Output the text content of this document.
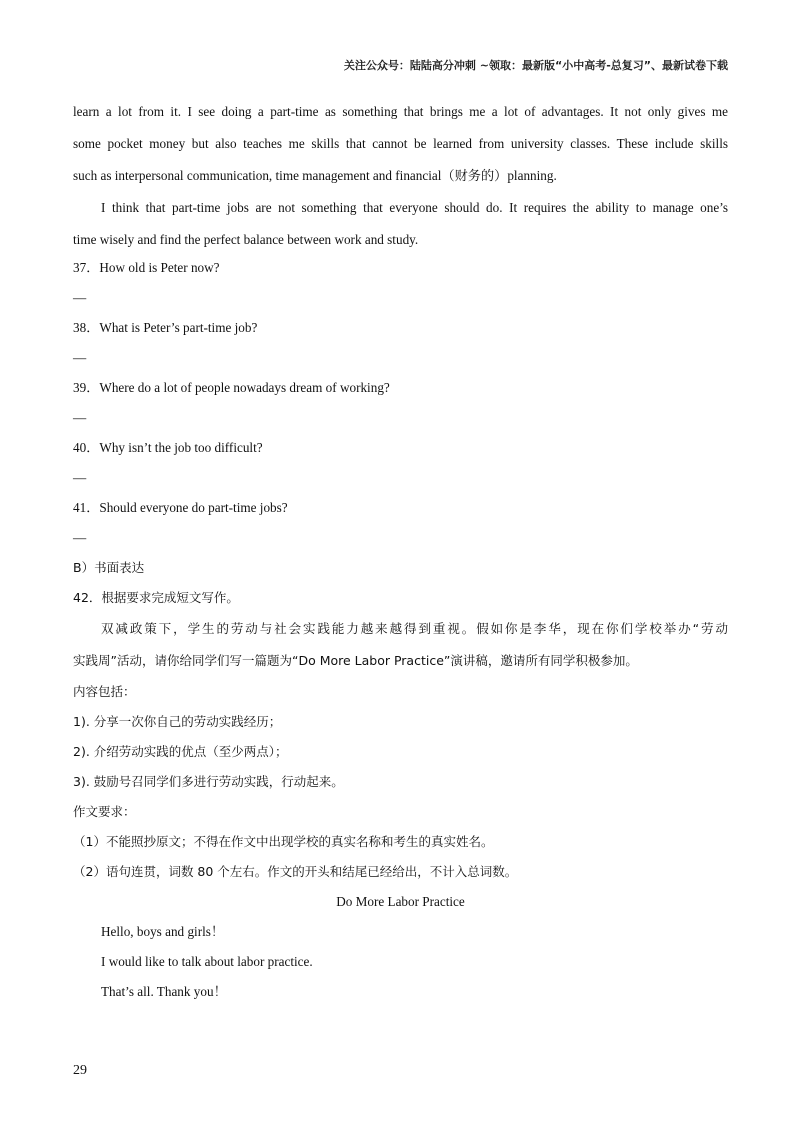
关注公众号：陆陆高分冲刺 ~领取：最新版“小中高考-总复习”、最新试卷下载

learn a lot from it. I see doing a part-time as something that brings me a lot of advantages. It not only gives me

some pocket money but also teaches me skills that cannot be learned from university classes. These include skills

such as interpersonal communication, time management and financial（财务的）planning.

I think that part-time jobs are not something that everyone should do. It requires the ability to manage one’s

time wisely and find the perfect balance between work and study.

37．How old is Peter now?

—

38．What is Peter’s part-time job?

—

39．Where do a lot of people nowadays dream of working?

—

40．Why isn’t the job too difficult?

—

41．Should everyone do part-time jobs?

—

B）书面表达

42．根据要求完成短文写作。

双减政策下，学生的劳动与社会实践能力越来越得到重视。假如你是李华，现在你们学校举办“劳动

实践周”活动，请你给同学们写一篇题为“Do More Labor Practice”演讲稿，邀请所有同学积极参加。

内容包括：

1). 分享一次你自己的劳动实践经历；

2). 介绍劳动实践的优点（至少两点）；

3). 鼓励号召同学们多进行劳动实践，行动起来。

作文要求：

（1）不能照抄原文；不得在作文中出现学校的真实名称和考生的真实姓名。

（2）语句连贯，词数 80 个左右。作文的开头和结尾已经给出，不计入总词数。

Do More Labor Practice

Hello, boys and girls！

I would like to talk about labor practice.

That’s all. Thank you！

29
